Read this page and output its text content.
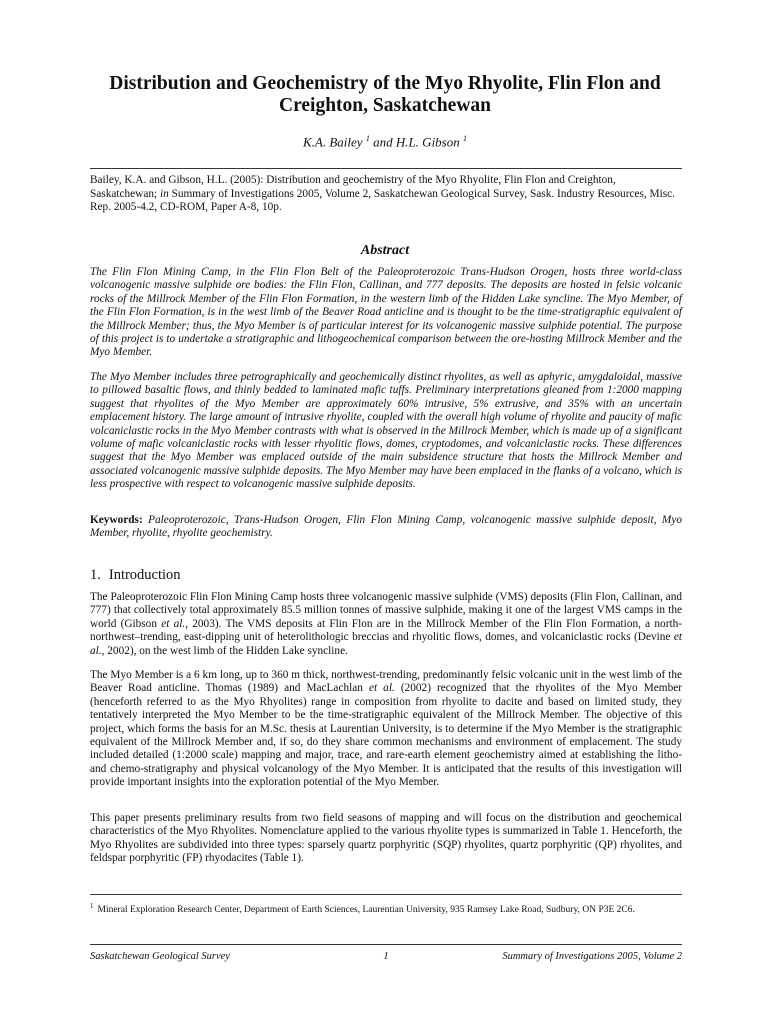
Distribution and Geochemistry of the Myo Rhyolite, Flin Flon and Creighton, Saskatchewan
K.A. Bailey $^1$ and H.L. Gibson $^1$
Bailey, K.A. and Gibson, H.L. (2005): Distribution and geochemistry of the Myo Rhyolite, Flin Flon and Creighton, Saskatchewan; in Summary of Investigations 2005, Volume 2, Saskatchewan Geological Survey, Sask. Industry Resources, Misc. Rep. 2005-4.2, CD-ROM, Paper A-8, 10p.
Abstract
The Flin Flon Mining Camp, in the Flin Flon Belt of the Paleoproterozoic Trans-Hudson Orogen, hosts three world-class volcanogenic massive sulphide ore bodies: the Flin Flon, Callinan, and 777 deposits. The deposits are hosted in felsic volcanic rocks of the Millrock Member of the Flin Flon Formation, in the western limb of the Hidden Lake syncline. The Myo Member, of the Flin Flon Formation, is in the west limb of the Beaver Road anticline and is thought to be the time-stratigraphic equivalent of the Millrock Member; thus, the Myo Member is of particular interest for its volcanogenic massive sulphide potential. The purpose of this project is to undertake a stratigraphic and lithogeochemical comparison between the ore-hosting Millrock Member and the Myo Member.
The Myo Member includes three petrographically and geochemically distinct rhyolites, as well as aphyric, amygdaloidal, massive to pillowed basaltic flows, and thinly bedded to laminated mafic tuffs. Preliminary interpretations gleaned from 1:2000 mapping suggest that rhyolites of the Myo Member are approximately 60% intrusive, 5% extrusive, and 35% with an uncertain emplacement history. The large amount of intrusive rhyolite, coupled with the overall high volume of rhyolite and paucity of mafic volcaniclastic rocks in the Myo Member contrasts with what is observed in the Millrock Member, which is made up of a significant volume of mafic volcaniclastic rocks with lesser rhyolitic flows, domes, cryptodomes, and volcaniclastic rocks. These differences suggest that the Myo Member was emplaced outside of the main subsidence structure that hosts the Millrock Member and associated volcanogenic massive sulphide deposits. The Myo Member may have been emplaced in the flanks of a volcano, which is less prospective with respect to volcanogenic massive sulphide deposits.
Keywords: Paleoproterozoic, Trans-Hudson Orogen, Flin Flon Mining Camp, volcanogenic massive sulphide deposit, Myo Member, rhyolite, rhyolite geochemistry.
1. Introduction
The Paleoproterozoic Flin Flon Mining Camp hosts three volcanogenic massive sulphide (VMS) deposits (Flin Flon, Callinan, and 777) that collectively total approximately 85.5 million tonnes of massive sulphide, making it one of the largest VMS camps in the world (Gibson et al., 2003). The VMS deposits at Flin Flon are in the Millrock Member of the Flin Flon Formation, a north-northwest–trending, east-dipping unit of heterolithologic breccias and rhyolitic flows, domes, and volcaniclastic rocks (Devine et al., 2002), on the west limb of the Hidden Lake syncline.
The Myo Member is a 6 km long, up to 360 m thick, northwest-trending, predominantly felsic volcanic unit in the west limb of the Beaver Road anticline. Thomas (1989) and MacLachlan et al. (2002) recognized that the rhyolites of the Myo Member (henceforth referred to as the Myo Rhyolites) range in composition from rhyolite to dacite and based on limited study, they tentatively interpreted the Myo Member to be the time-stratigraphic equivalent of the Millrock Member. The objective of this project, which forms the basis for an M.Sc. thesis at Laurentian University, is to determine if the Myo Member is the stratigraphic equivalent of the Millrock Member and, if so, do they share common mechanisms and environment of emplacement. The study included detailed (1:2000 scale) mapping and major, trace, and rare-earth element geochemistry aimed at establishing the litho- and chemo-stratigraphy and physical volcanology of the Myo Member. It is anticipated that the results of this investigation will provide important insights into the exploration potential of the Myo Member.
This paper presents preliminary results from two field seasons of mapping and will focus on the distribution and geochemical characteristics of the Myo Rhyolites. Nomenclature applied to the various rhyolite types is summarized in Table 1. Henceforth, the Myo Rhyolites are subdivided into three types: sparsely quartz porphyritic (SQP) rhyolites, quartz porphyritic (QP) rhyolites, and feldspar porphyritic (FP) rhyodacites (Table 1).
$^1$ Mineral Exploration Research Center, Department of Earth Sciences, Laurentian University, 935 Ramsey Lake Road, Sudbury, ON P3E 2C6.
Saskatchewan Geological Survey	1	Summary of Investigations 2005, Volume 2
